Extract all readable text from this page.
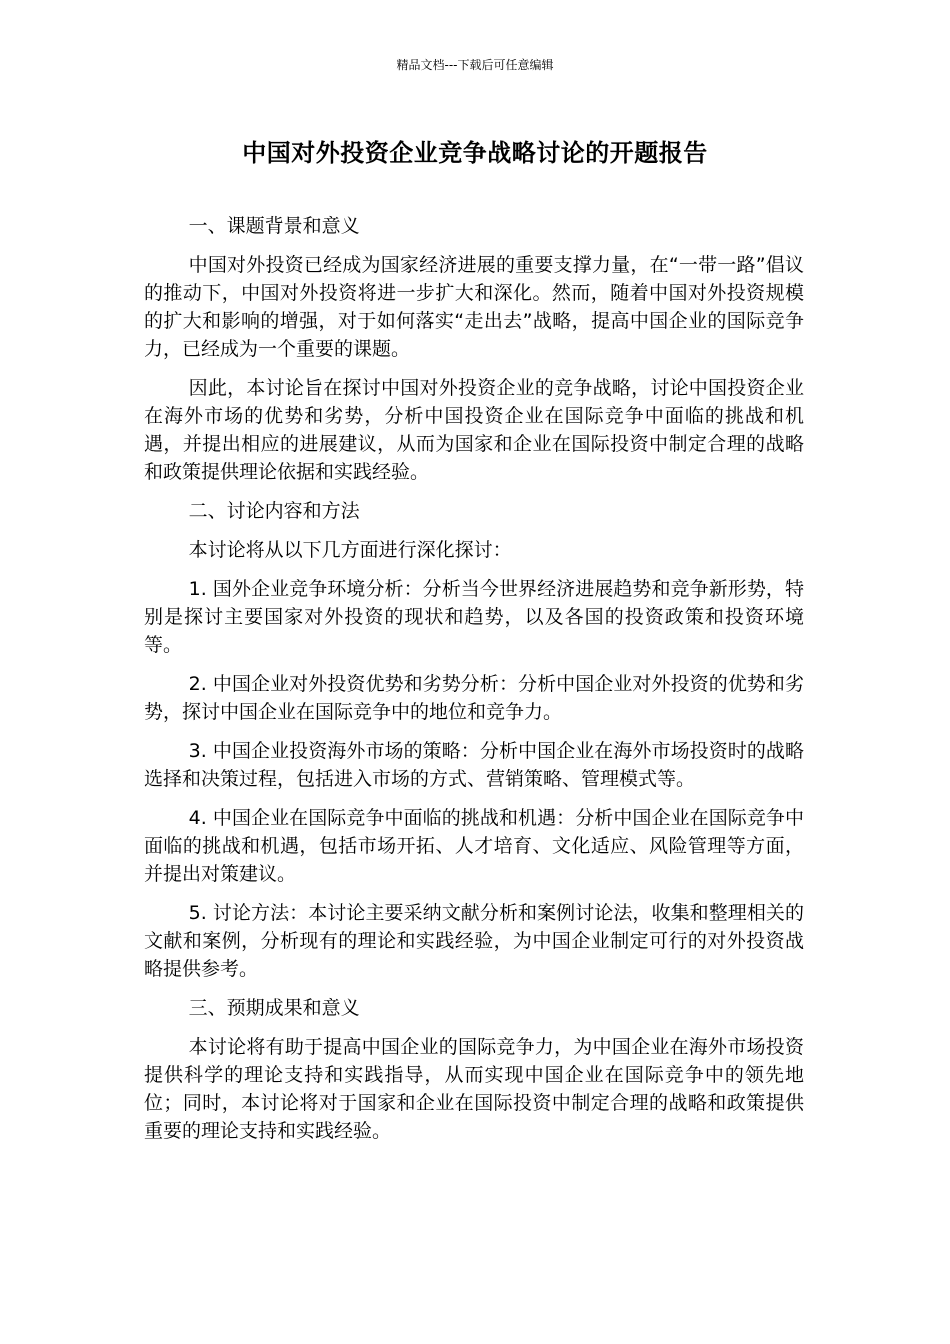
精品文档---下载后可任意编辑
中国对外投资企业竞争战略讨论的开题报告

一、课题背景和意义

中国对外投资已经成为国家经济进展的重要支撑力量，在“一带一路”倡议的推动下，中国对外投资将进一步扩大和深化。然而，随着中国对外投资规模的扩大和影响的增强，对于如何落实“走出去”战略，提高中国企业的国际竞争力，已经成为一个重要的课题。

因此，本讨论旨在探讨中国对外投资企业的竞争战略，讨论中国投资企业在海外市场的优势和劣势，分析中国投资企业在国际竞争中面临的挑战和机遇，并提出相应的进展建议，从而为国家和企业在国际投资中制定合理的战略和政策提供理论依据和实践经验。

二、讨论内容和方法

本讨论将从以下几方面进行深化探讨：

1. 国外企业竞争环境分析：分析当今世界经济进展趋势和竞争新形势，特别是探讨主要国家对外投资的现状和趋势，以及各国的投资政策和投资环境等。

2. 中国企业对外投资优势和劣势分析：分析中国企业对外投资的优势和劣势，探讨中国企业在国际竞争中的地位和竞争力。

3. 中国企业投资海外市场的策略：分析中国企业在海外市场投资时的战略选择和决策过程，包括进入市场的方式、营销策略、管理模式等。

4. 中国企业在国际竞争中面临的挑战和机遇：分析中国企业在国际竞争中面临的挑战和机遇，包括市场开拓、人才培育、文化适应、风险管理等方面，并提出对策建议。

5. 讨论方法：本讨论主要采纳文献分析和案例讨论法，收集和整理相关的文献和案例，分析现有的理论和实践经验，为中国企业制定可行的对外投资战略提供参考。

三、预期成果和意义

本讨论将有助于提高中国企业的国际竞争力，为中国企业在海外市场投资提供科学的理论支持和实践指导，从而实现中国企业在国际竞争中的领先地位；同时，本讨论将对于国家和企业在国际投资中制定合理的战略和政策提供重要的理论支持和实践经验。
